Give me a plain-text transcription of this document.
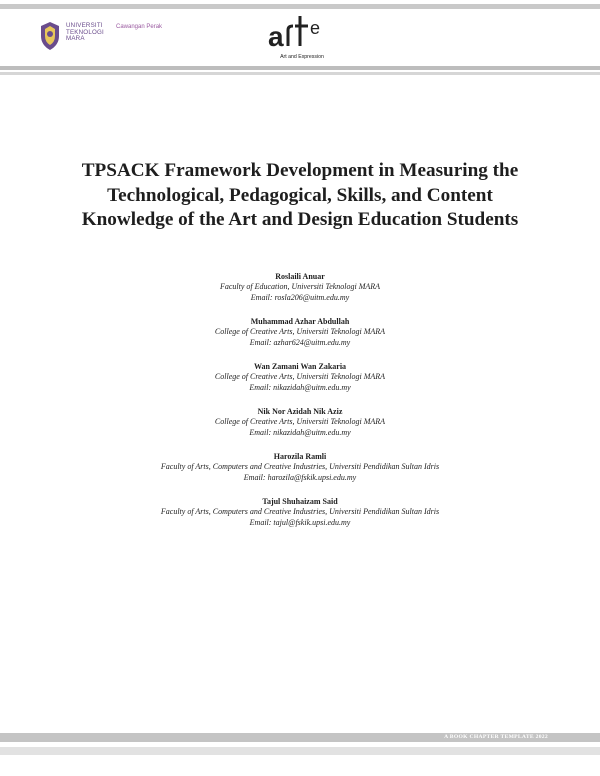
UNIVERSITI
TEKNOLOGI
MARA
Cawangan Perak	a e
Art and Expression
TPSACK Framework Development in Measuring the
Technological, Pedagogical, Skills, and Content
Knowledge of the Art and Design Education Students
Roslaili Anuar
Faculty of Education, Universiti Teknologi MARA
Email: rosla206@uitm.edu.my
Muhammad Azhar Abdullah
College of Creative Arts, Universiti Teknologi MARA
Email: azhar624@uitm.edu.my
Wan Zamani Wan Zakaria
College of Creative Arts, Universiti Teknologi MARA
Email: nikazidah@uitm.edu.my
Nik Nor Azidah Nik Aziz
College of Creative Arts, Universiti Teknologi MARA
Email: nikazidah@uitm.edu.my
Harozila Ramli
Faculty of Arts, Computers and Creative Industries, Universiti Pendidikan Sultan Idris
Email: harozila@fskik.upsi.edu.my
Tajul Shuhaizam Said
Faculty of Arts, Computers and Creative Industries, Universiti Pendidikan Sultan Idris
Email: tajul@fskik.upsi.edu.my
A BOOK CHAPTER TEMPLATE 2022
